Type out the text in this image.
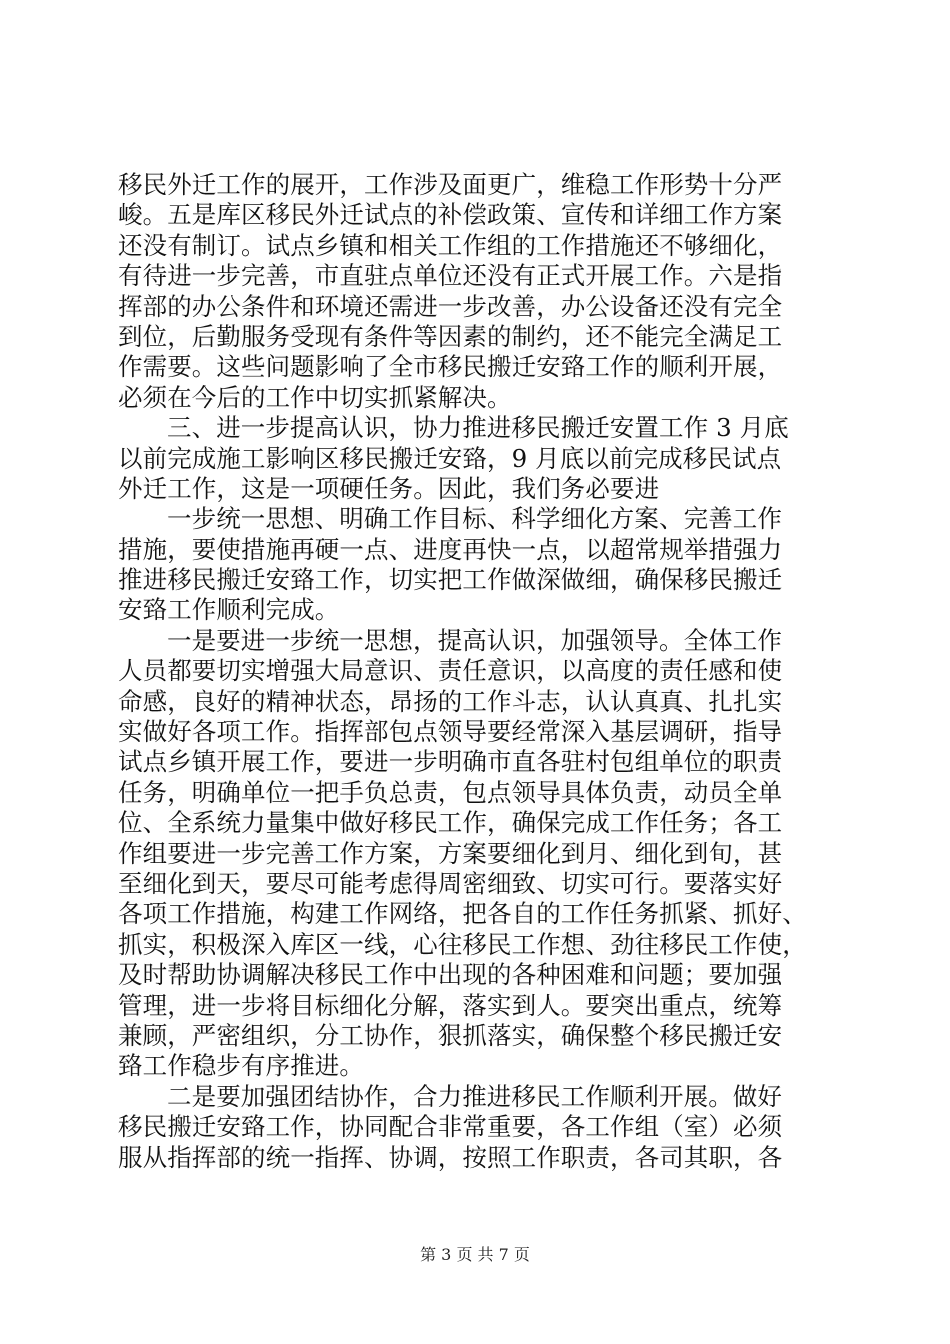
移民外迁工作的展开，工作涉及面更广，维稳工作形势十分严
峻。五是库区移民外迁试点的补偿政策、宣传和详细工作方案
还没有制订。试点乡镇和相关工作组的工作措施还不够细化，
有待进一步完善，市直驻点单位还没有正式开展工作。六是指
挥部的办公条件和环境还需进一步改善，办公设备还没有完全
到位，后勤服务受现有条件等因素的制约，还不能完全满足工
作需要。这些问题影响了全市移民搬迁安臵工作的顺利开展，
必须在今后的工作中切实抓紧解决。
三、进一步提高认识，协力推进移民搬迁安置工作 3 月底
以前完成施工影响区移民搬迁安臵，9 月底以前完成移民试点
外迁工作，这是一项硬任务。因此，我们务必要进
一步统一思想、明确工作目标、科学细化方案、完善工作
措施，要使措施再硬一点、进度再快一点，以超常规举措强力
推进移民搬迁安臵工作，切实把工作做深做细，确保移民搬迁
安臵工作顺利完成。
一是要进一步统一思想，提高认识，加强领导。全体工作
人员都要切实增强大局意识、责任意识，以高度的责任感和使
命感，良好的精神状态，昂扬的工作斗志，认认真真、扎扎实
实做好各项工作。指挥部包点领导要经常深入基层调研，指导
试点乡镇开展工作，要进一步明确市直各驻村包组单位的职责
任务，明确单位一把手负总责，包点领导具体负责，动员全单
位、全系统力量集中做好移民工作，确保完成工作任务；各工
作组要进一步完善工作方案，方案要细化到月、细化到旬，甚
至细化到天，要尽可能考虑得周密细致、切实可行。要落实好
各项工作措施，构建工作网络，把各自的工作任务抓紧、抓好、
抓实，积极深入库区一线，心往移民工作想、劲往移民工作使，
及时帮助协调解决移民工作中出现的各种困难和问题；要加强
管理，进一步将目标细化分解，落实到人。要突出重点，统筹
兼顾，严密组织，分工协作，狠抓落实，确保整个移民搬迁安
臵工作稳步有序推进。
二是要加强团结协作，合力推进移民工作顺利开展。做好
移民搬迁安臵工作，协同配合非常重要，各工作组（室）必须
服从指挥部的统一指挥、协调，按照工作职责，各司其职，各
第 3 页 共 7 页
